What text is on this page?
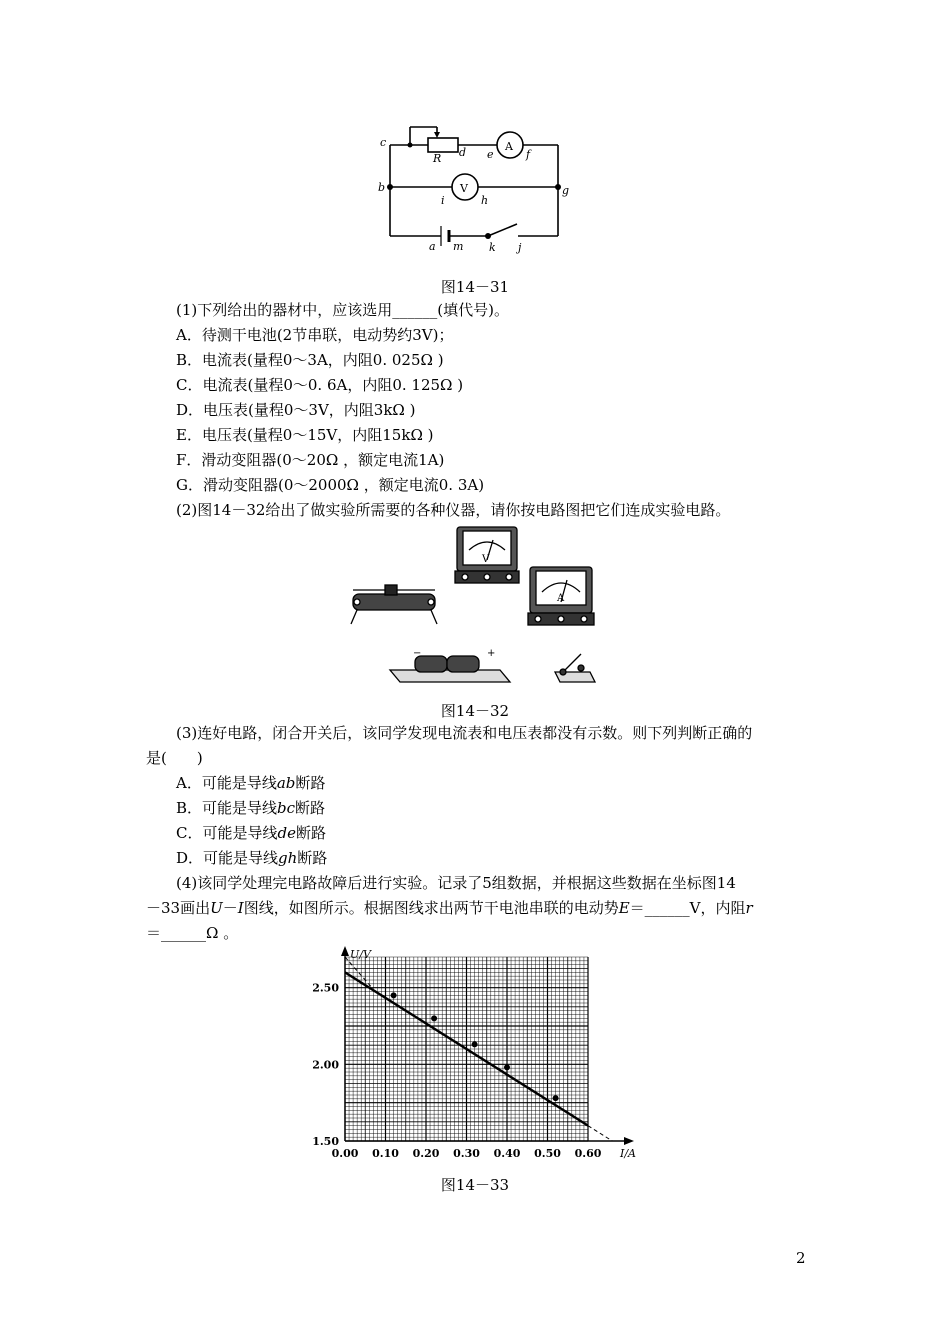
c
R d e	f
b	g
i	h
a m k j
A
V
图14－31
(1)下列给出的器材中，应该选用______(填代号)。
A．待测干电池(2节串联，电动势约3V)；
B．电流表(量程0～3A，内阻0. 025Ω )
C．电流表(量程0～0. 6A，内阻0. 125Ω )
D．电压表(量程0～3V，内阻3kΩ )
E．电压表(量程0～15V，内阻15kΩ )
F．滑动变阻器(0～20Ω ，额定电流1A)
G．滑动变阻器(0～2000Ω ，额定电流0. 3A)
(2)图14－32给出了做实验所需要的各种仪器，请你按电路图把它们连成实验电路。
V
A
−	+
图14－32
(3)连好电路，闭合开关后，该同学发现电流表和电压表都没有示数。则下列判断正确的
是(　　)
A．可能是导线ab断路
B．可能是导线bc断路
C．可能是导线de断路
D．可能是导线gh断路
(4)该同学处理完电路故障后进行实验。记录了5组数据，并根据这些数据在坐标图14
－33画出U－I图线，如图所示。根据图线求出两节干电池串联的电动势E＝______V，内阻r
＝______Ω 。
0.00 0.10 0.20 0.30 0.40 0.50 0.60
1.50
2.00
2.50
U/V
I/A
图14－33
2
